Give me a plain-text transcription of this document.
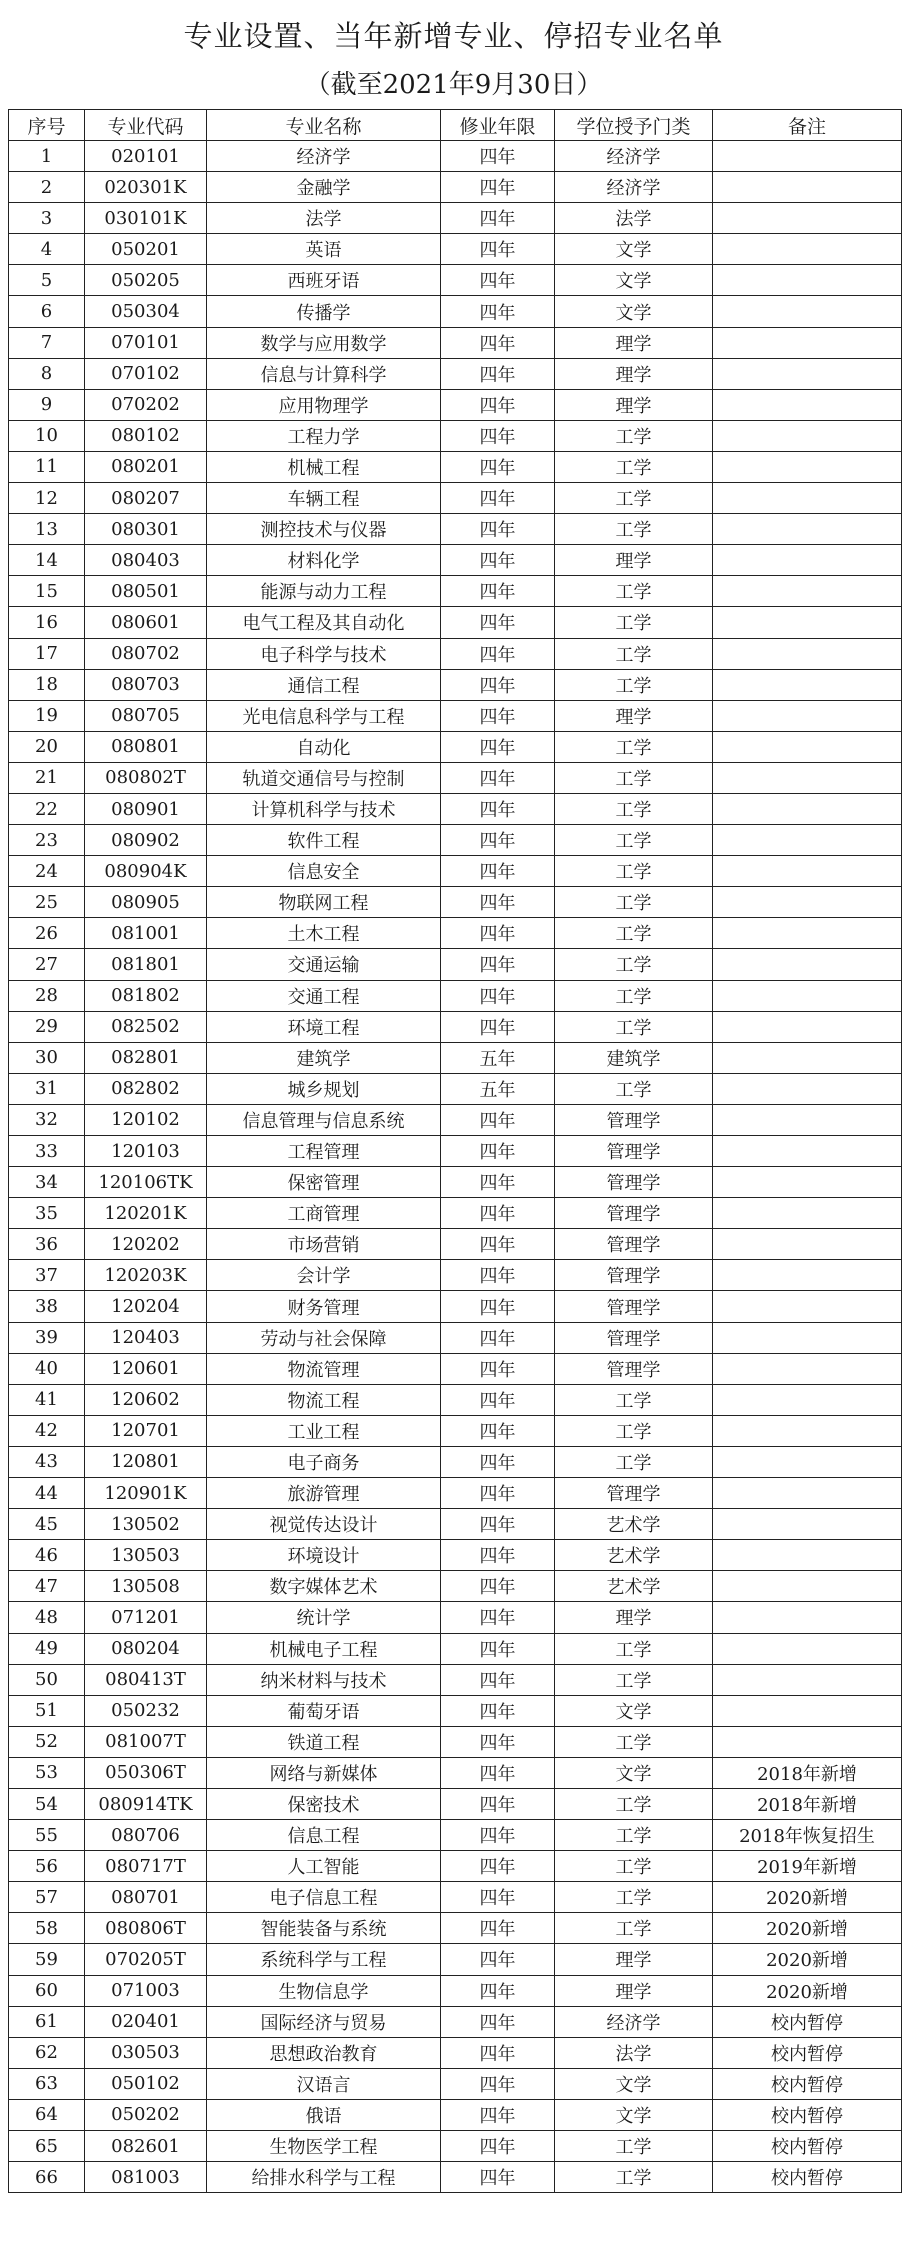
专业设置、当年新增专业、停招专业名单
（截至2021年9月30日）
序号	专业代码	专业名称	修业年限	学位授予门类	备注
1	020101	经济学	四年	经济学	
2	020301K	金融学	四年	经济学	
3	030101K	法学	四年	法学	
4	050201	英语	四年	文学	
5	050205	西班牙语	四年	文学	
6	050304	传播学	四年	文学	
7	070101	数学与应用数学	四年	理学	
8	070102	信息与计算科学	四年	理学	
9	070202	应用物理学	四年	理学	
10	080102	工程力学	四年	工学	
11	080201	机械工程	四年	工学	
12	080207	车辆工程	四年	工学	
13	080301	测控技术与仪器	四年	工学	
14	080403	材料化学	四年	理学	
15	080501	能源与动力工程	四年	工学	
16	080601	电气工程及其自动化	四年	工学	
17	080702	电子科学与技术	四年	工学	
18	080703	通信工程	四年	工学	
19	080705	光电信息科学与工程	四年	理学	
20	080801	自动化	四年	工学	
21	080802T	轨道交通信号与控制	四年	工学	
22	080901	计算机科学与技术	四年	工学	
23	080902	软件工程	四年	工学	
24	080904K	信息安全	四年	工学	
25	080905	物联网工程	四年	工学	
26	081001	土木工程	四年	工学	
27	081801	交通运输	四年	工学	
28	081802	交通工程	四年	工学	
29	082502	环境工程	四年	工学	
30	082801	建筑学	五年	建筑学	
31	082802	城乡规划	五年	工学	
32	120102	信息管理与信息系统	四年	管理学	
33	120103	工程管理	四年	管理学	
34	120106TK	保密管理	四年	管理学	
35	120201K	工商管理	四年	管理学	
36	120202	市场营销	四年	管理学	
37	120203K	会计学	四年	管理学	
38	120204	财务管理	四年	管理学	
39	120403	劳动与社会保障	四年	管理学	
40	120601	物流管理	四年	管理学	
41	120602	物流工程	四年	工学	
42	120701	工业工程	四年	工学	
43	120801	电子商务	四年	工学	
44	120901K	旅游管理	四年	管理学	
45	130502	视觉传达设计	四年	艺术学	
46	130503	环境设计	四年	艺术学	
47	130508	数字媒体艺术	四年	艺术学	
48	071201	统计学	四年	理学	
49	080204	机械电子工程	四年	工学	
50	080413T	纳米材料与技术	四年	工学	
51	050232	葡萄牙语	四年	文学	
52	081007T	铁道工程	四年	工学	
53	050306T	网络与新媒体	四年	文学	2018年新增
54	080914TK	保密技术	四年	工学	2018年新增
55	080706	信息工程	四年	工学	2018年恢复招生
56	080717T	人工智能	四年	工学	2019年新增
57	080701	电子信息工程	四年	工学	2020新增
58	080806T	智能装备与系统	四年	工学	2020新增
59	070205T	系统科学与工程	四年	理学	2020新增
60	071003	生物信息学	四年	理学	2020新增
61	020401	国际经济与贸易	四年	经济学	校内暂停
62	030503	思想政治教育	四年	法学	校内暂停
63	050102	汉语言	四年	文学	校内暂停
64	050202	俄语	四年	文学	校内暂停
65	082601	生物医学工程	四年	工学	校内暂停
66	081003	给排水科学与工程	四年	工学	校内暂停
